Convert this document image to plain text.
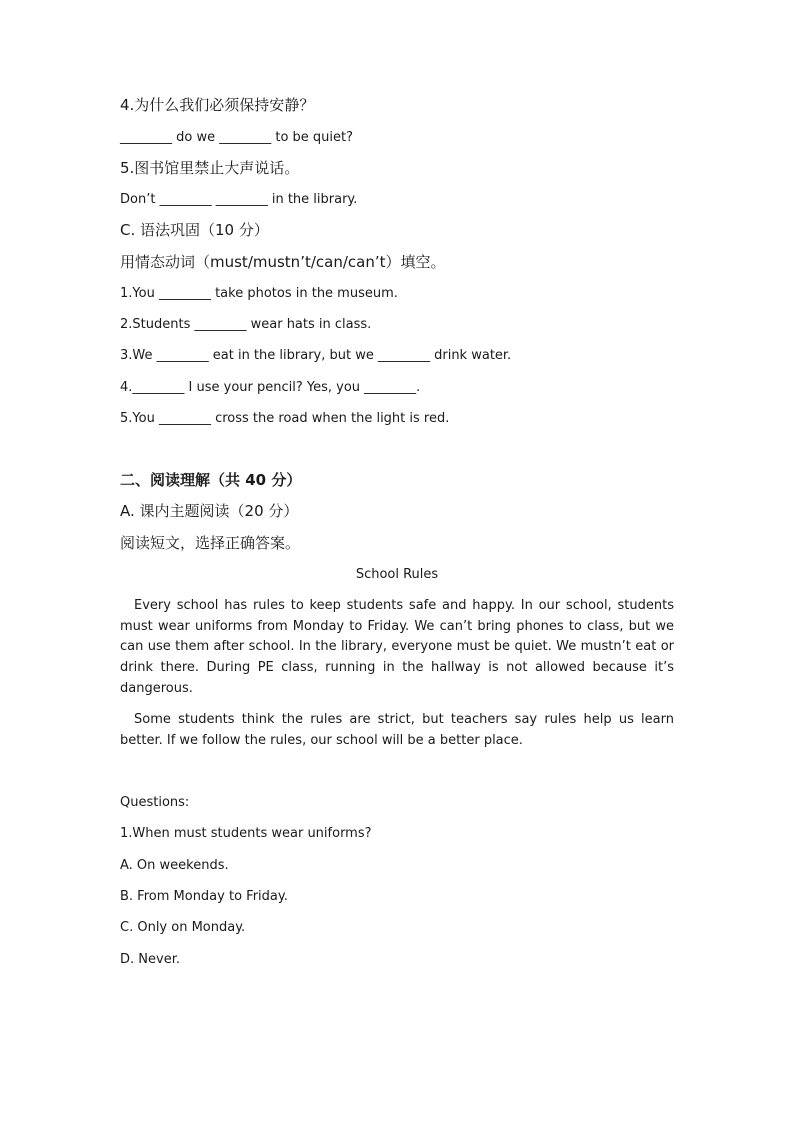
4.为什么我们必须保持安静？
________ do we ________ to be quiet?
5.图书馆里禁止大声说话。
Don’t ________ ________ in the library.
C. 语法巩固（10 分）
用情态动词（must/mustn’t/can/can’t）填空。
1.You ________ take photos in the museum.
2.Students ________ wear hats in class.
3.We ________ eat in the library, but we ________ drink water.
4.________ I use your pencil? Yes, you ________.
5.You ________ cross the road when the light is red.
二、阅读理解（共 40 分）
A. 课内主题阅读（20 分）
阅读短文，选择正确答案。
School Rules
Every school has rules to keep students safe and happy. In our school, students must wear uniforms from Monday to Friday. We can’t bring phones to class, but we can use them after school. In the library, everyone must be quiet. We mustn’t eat or drink there. During PE class, running in the hallway is not allowed because it’s dangerous.
Some students think the rules are strict, but teachers say rules help us learn better. If we follow the rules, our school will be a better place.
Questions:
1.When must students wear uniforms?
A. On weekends.
B. From Monday to Friday.
C. Only on Monday.
D. Never.
